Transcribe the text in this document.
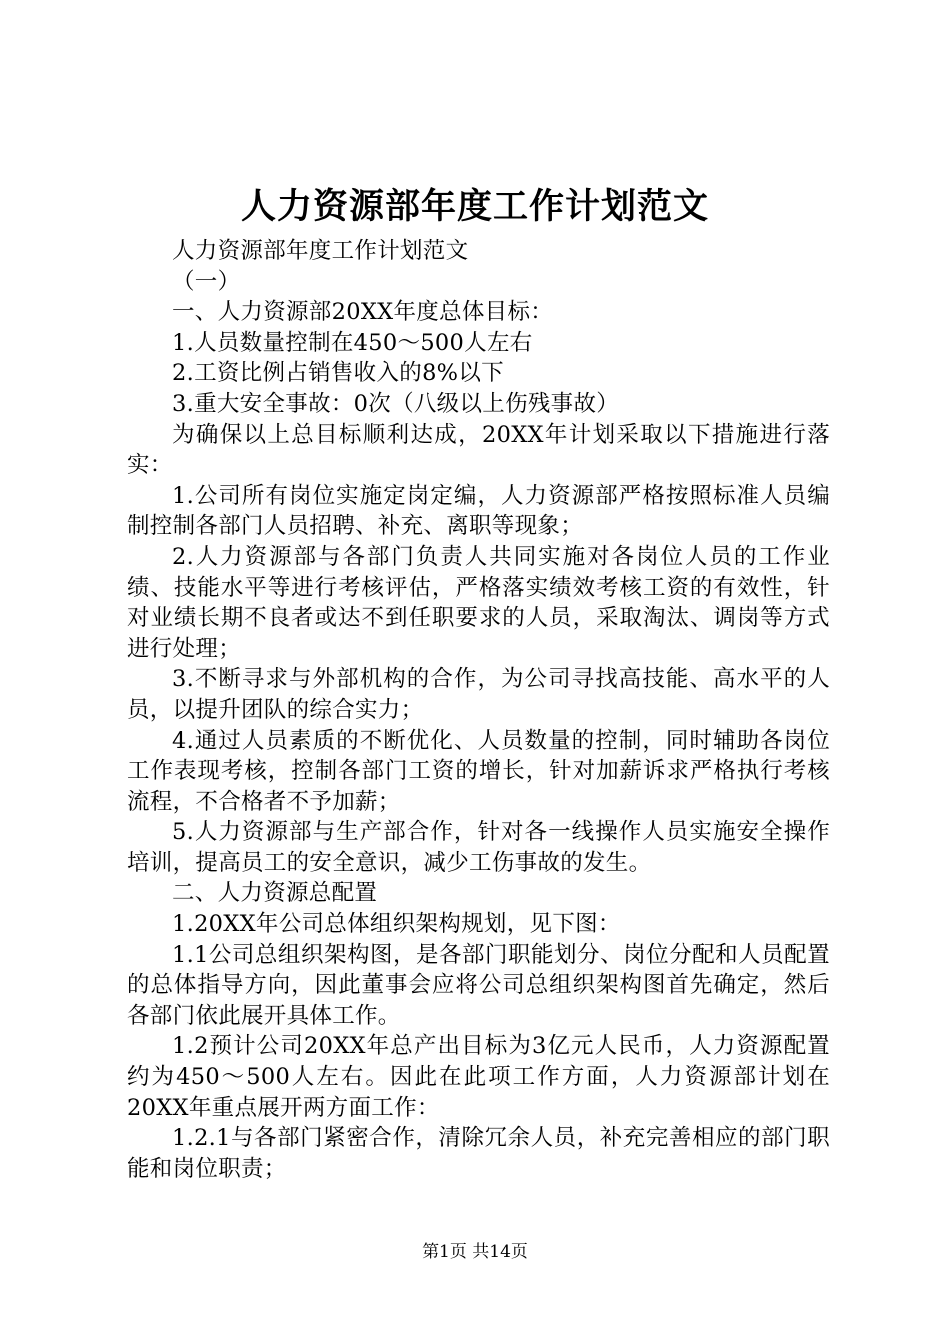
人力资源部年度工作计划范文

人力资源部年度工作计划范文

（一）

一、人力资源部20XX年度总体目标：

1.人员数量控制在450～500人左右

2.工资比例占销售收入的8%以下

3.重大安全事故：0次（八级以上伤残事故）

为确保以上总目标顺利达成，20XX年计划采取以下措施进行落实：

1.公司所有岗位实施定岗定编，人力资源部严格按照标准人员编制控制各部门人员招聘、补充、离职等现象；

2.人力资源部与各部门负责人共同实施对各岗位人员的工作业绩、技能水平等进行考核评估，严格落实绩效考核工资的有效性，针对业绩长期不良者或达不到任职要求的人员，采取淘汰、调岗等方式进行处理；

3.不断寻求与外部机构的合作，为公司寻找高技能、高水平的人员，以提升团队的综合实力；

4.通过人员素质的不断优化、人员数量的控制，同时辅助各岗位工作表现考核，控制各部门工资的增长，针对加薪诉求严格执行考核流程，不合格者不予加薪；

5.人力资源部与生产部合作，针对各一线操作人员实施安全操作培训，提高员工的安全意识，减少工伤事故的发生。

二、人力资源总配置

1.20XX年公司总体组织架构规划，见下图：

1.1公司总组织架构图，是各部门职能划分、岗位分配和人员配置的总体指导方向，因此董事会应将公司总组织架构图首先确定，然后各部门依此展开具体工作。

1.2预计公司20XX年总产出目标为3亿元人民币，人力资源配置约为450～500人左右。因此在此项工作方面，人力资源部计划在20XX年重点展开两方面工作：

1.2.1与各部门紧密合作，清除冗余人员，补充完善相应的部门职能和岗位职责；

第1页 共14页
